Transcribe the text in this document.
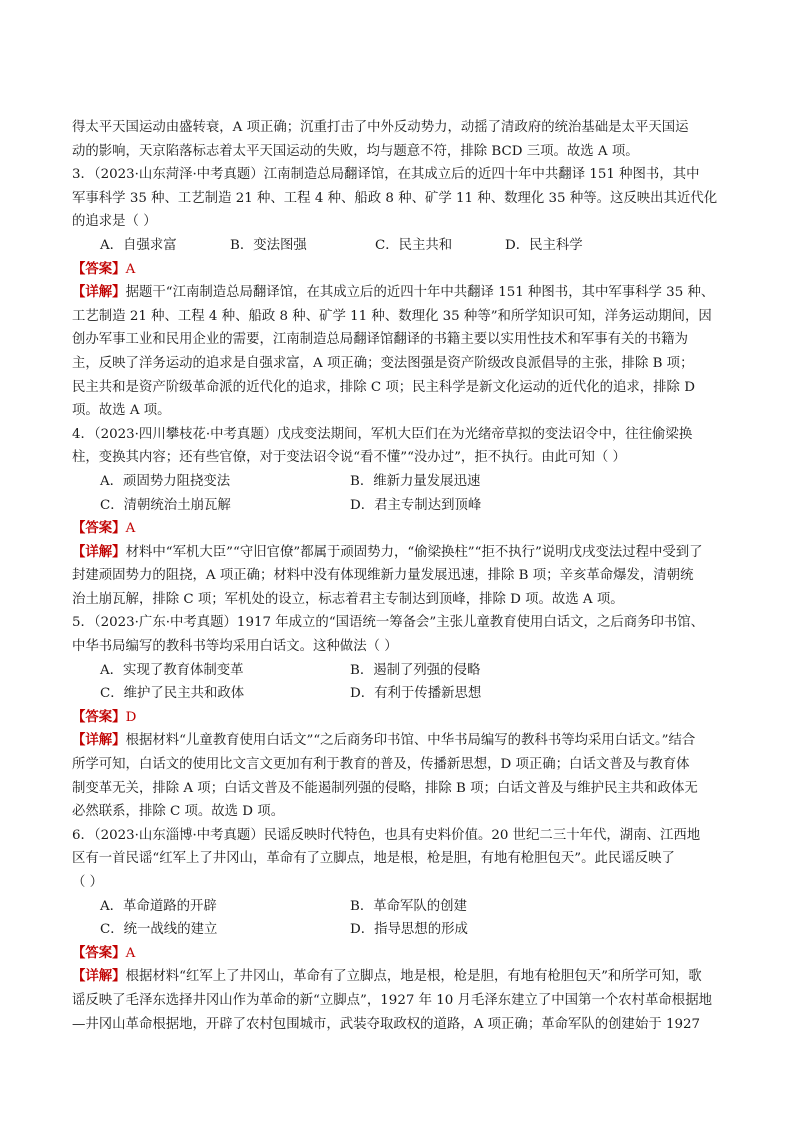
得太平天国运动由盛转衰，A 项正确；沉重打击了中外反动势力，动摇了清政府的统治基础是太平天国运

动的影响，天京陷落标志着太平天国运动的失败，均与题意不符，排除 BCD 三项。故选 A 项。

3．（2023·山东菏泽·中考真题）江南制造总局翻译馆，在其成立后的近四十年中共翻译 151 种图书，其中

军事科学 35 种、工艺制造 21 种、工程 4 种、船政 8 种、矿学 11 种、数理化 35 种等。这反映出其近代化

的追求是（ ）

A．自强求富	B．变法图强	C．民主共和	D．民主科学

【答案】A

【详解】据题干“江南制造总局翻译馆，在其成立后的近四十年中共翻译 151 种图书，其中军事科学 35 种、

工艺制造 21 种、工程 4 种、船政 8 种、矿学 11 种、数理化 35 种等”和所学知识可知，洋务运动期间，因

创办军事工业和民用企业的需要，江南制造总局翻译馆翻译的书籍主要以实用性技术和军事有关的书籍为

主，反映了洋务运动的追求是自强求富，A 项正确；变法图强是资产阶级改良派倡导的主张，排除 B 项；

民主共和是资产阶级革命派的近代化的追求，排除 C 项；民主科学是新文化运动的近代化的追求，排除 D

项。故选 A 项。

4．（2023·四川攀枝花·中考真题）戊戌变法期间，军机大臣们在为光绪帝草拟的变法诏令中，往往偷梁换

柱，变换其内容；还有些官僚，对于变法诏令说“看不懂”“没办过”，拒不执行。由此可知（ ）

A．顽固势力阻挠变法	B．维新力量发展迅速
C．清朝统治土崩瓦解	D．君主专制达到顶峰

【答案】A

【详解】材料中“军机大臣”“守旧官僚”都属于顽固势力，“偷梁换柱”“拒不执行”说明戊戌变法过程中受到了

封建顽固势力的阻挠，A 项正确；材料中没有体现维新力量发展迅速，排除 B 项；辛亥革命爆发，清朝统

治土崩瓦解，排除 C 项；军机处的设立，标志着君主专制达到顶峰，排除 D 项。故选 A 项。

5．（2023·广东·中考真题）1917 年成立的“国语统一筹备会”主张儿童教育使用白话文，之后商务印书馆、

中华书局编写的教科书等均采用白话文。这种做法（ ）

A．实现了教育体制变革	B．遏制了列强的侵略
C．维护了民主共和政体	D．有利于传播新思想

【答案】D

【详解】根据材料“儿童教育使用白话文”“之后商务印书馆、中华书局编写的教科书等均采用白话文。”结合

所学可知，白话文的使用比文言文更加有利于教育的普及，传播新思想，D 项正确；白话文普及与教育体

制变革无关，排除 A 项；白话文普及不能遏制列强的侵略，排除 B 项；白话文普及与维护民主共和政体无

必然联系，排除 C 项。故选 D 项。

6．（2023·山东淄博·中考真题）民谣反映时代特色，也具有史料价值。20 世纪二三十年代，湖南、江西地

区有一首民谣“红军上了井冈山，革命有了立脚点，地是根，枪是胆，有地有枪胆包天”。此民谣反映了

（ ）

A．革命道路的开辟	B．革命军队的创建
C．统一战线的建立	D．指导思想的形成

【答案】A

【详解】根据材料“红军上了井冈山，革命有了立脚点，地是根，枪是胆，有地有枪胆包天”和所学可知，歌

谣反映了毛泽东选择井冈山作为革命的新“立脚点”，1927 年 10 月毛泽东建立了中国第一个农村革命根据地

—井冈山革命根据地，开辟了农村包围城市，武装夺取政权的道路，A 项正确；革命军队的创建始于 1927
